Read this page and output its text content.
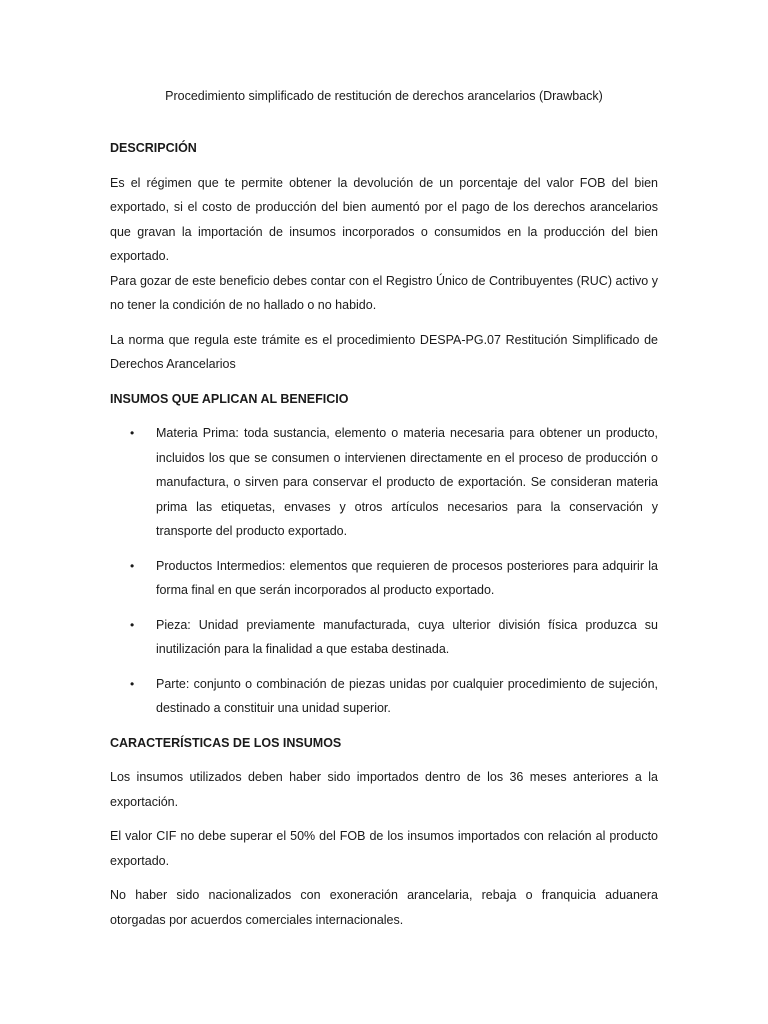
Procedimiento simplificado de restitución de derechos arancelarios (Drawback)
DESCRIPCIÓN

Es el régimen que te permite obtener la devolución de un porcentaje del valor FOB del bien exportado, si el costo de producción del bien aumentó por el pago de los derechos arancelarios que gravan la importación de insumos incorporados o consumidos en la producción del bien exportado.

Para gozar de este beneficio debes contar con el Registro Único de Contribuyentes (RUC) activo y no tener la condición de no hallado o no habido.

La norma que regula este trámite es el procedimiento DESPA-PG.07 Restitución Simplificado de Derechos Arancelarios

INSUMOS QUE APLICAN AL BENEFICIO
• Materia Prima: toda sustancia, elemento o materia necesaria para obtener un producto, incluidos los que se consumen o intervienen directamente en el proceso de producción o manufactura, o sirven para conservar el producto de exportación. Se consideran materia prima las etiquetas, envases y otros artículos necesarios para la conservación y transporte del producto exportado.
• Productos Intermedios: elementos que requieren de procesos posteriores para adquirir la forma final en que serán incorporados al producto exportado.
• Pieza: Unidad previamente manufacturada, cuya ulterior división física produzca su inutilización para la finalidad a que estaba destinada.
• Parte: conjunto o combinación de piezas unidas por cualquier procedimiento de sujeción, destinado a constituir una unidad superior.
CARACTERÍSTICAS DE LOS INSUMOS

Los insumos utilizados deben haber sido importados dentro de los 36 meses anteriores a la exportación.

El valor CIF no debe superar el 50% del FOB de los insumos importados con relación al producto exportado.

No haber sido nacionalizados con exoneración arancelaria, rebaja o franquicia aduanera otorgadas por acuerdos comerciales internacionales.
